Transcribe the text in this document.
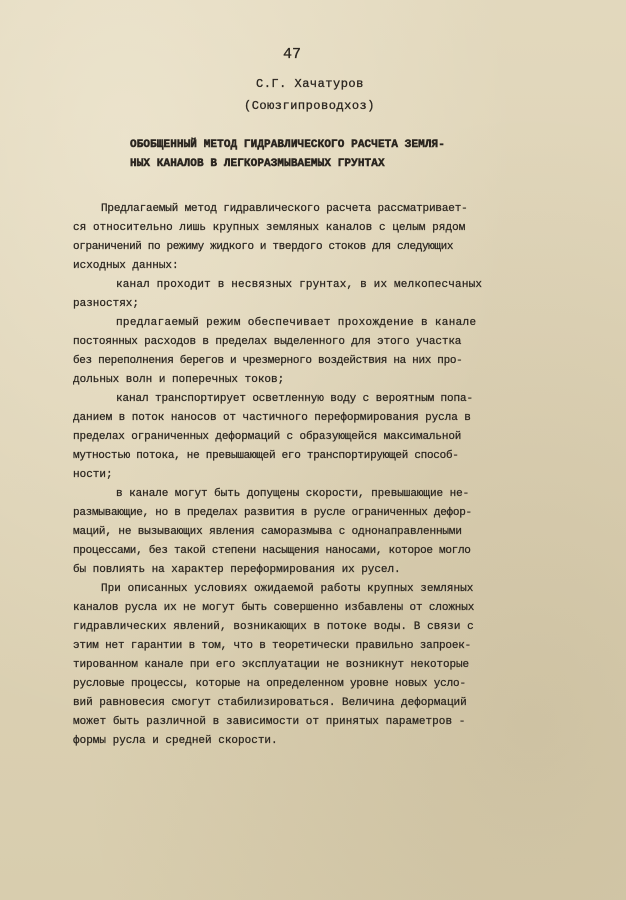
47
С.Г. Хачатуров
(Союзгипроводхоз)
ОБОБЩЕННЫЙ МЕТОД ГИДРАВЛИЧЕСКОГО РАСЧЕТА ЗЕМЛЯ-
НЫХ КАНАЛОВ В ЛЕГКОРАЗМЫВАЕМЫХ ГРУНТАХ

Предлагаемый метод гидравлического расчета рассматривает-

ся относительно лишь крупных земляных каналов с целым рядом

ограничений по режиму жидкого и твердого стоков для следующих

исходных данных:

канал проходит в несвязных грунтах, в их мелкопесчаных

разностях;

предлагаемый режим обеспечивает прохождение в канале

постоянных расходов в пределах выделенного для этого участка

без переполнения берегов и чрезмерного воздействия на них про-

дольных волн и поперечных токов;

канал транспортирует осветленную воду с вероятным попа-

данием в поток наносов от частичного переформирования русла в

пределах ограниченных деформаций с образующейся максимальной

мутностью потока, не превышающей его транспортирующей способ-

ности;

в канале могут быть допущены скорости, превышающие не-

размывающие, но в пределах развития в русле ограниченных дефор-

маций, не вызывающих явления саморазмыва с однонаправленными

процессами, без такой степени насыщения наносами, которое могло

бы повлиять на характер переформирования их русел.

При описанных условиях ожидаемой работы крупных земляных

каналов русла их не могут быть совершенно избавлены от сложных

гидравлических явлений, возникающих в потоке воды. В связи с

этим нет гарантии в том, что в теоретически правильно запроек-

тированном канале при его эксплуатации не возникнут некоторые

русловые процессы, которые на определенном уровне новых усло-

вий равновесия смогут стабилизироваться. Величина деформаций

может быть различной в зависимости от принятых параметров -

формы русла и средней скорости.
